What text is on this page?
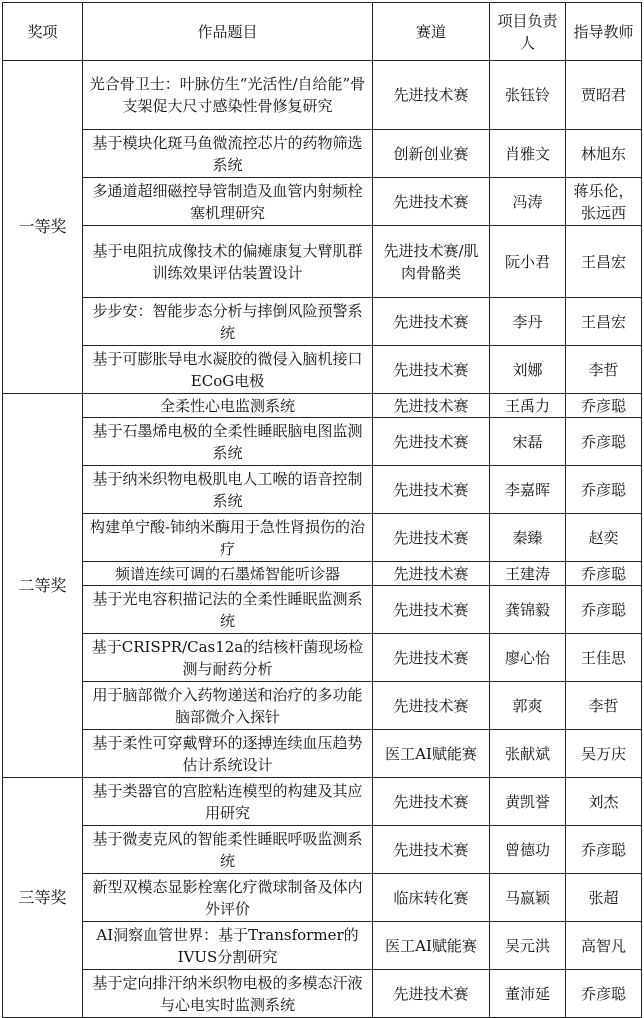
奖项	作品题目	赛道	项目负责人	指导教师
一等奖	光合骨卫士：叶脉仿生“光活性/自给能”骨支架促大尺寸感染性骨修复研究	先进技术赛	张钰铃	贾昭君
	基于模块化斑马鱼微流控芯片的药物筛选系统	创新创业赛	肖雅文	林旭东
	多通道超细磁控导管制造及血管内射频栓塞机理研究	先进技术赛	冯涛	蒋乐伦，张远西
	基于电阻抗成像技术的偏瘫康复大臂肌群训练效果评估装置设计	先进技术赛/肌肉骨骼类	阮小君	王昌宏
	步步安：智能步态分析与摔倒风险预警系统	先进技术赛	李丹	王昌宏
	基于可膨胀导电水凝胶的微侵入脑机接口ECoG电极	先进技术赛	刘娜	李哲
二等奖	全柔性心电监测系统	先进技术赛	王禹力	乔彦聪
	基于石墨烯电极的全柔性睡眠脑电图监测系统	先进技术赛	宋磊	乔彦聪
	基于纳米织物电极肌电人工喉的语音控制系统	先进技术赛	李嘉晖	乔彦聪
	构建单宁酸-铈纳米酶用于急性肾损伤的治疗	先进技术赛	秦臻	赵奕
	频谱连续可调的石墨烯智能听诊器	先进技术赛	王建涛	乔彦聪
	基于光电容积描记法的全柔性睡眠监测系统	先进技术赛	龚锦毅	乔彦聪
	基于CRISPR/Cas12a的结核杆菌现场检测与耐药分析	先进技术赛	廖心怡	王佳思
	用于脑部微介入药物递送和治疗的多功能脑部微介入探针	先进技术赛	郭爽	李哲
	基于柔性可穿戴臂环的逐搏连续血压趋势估计系统设计	医工AI赋能赛	张献斌	吴万庆
三等奖	基于类器官的宫腔粘连模型的构建及其应用研究	先进技术赛	黄凯誉	刘杰
	基于微麦克风的智能柔性睡眠呼吸监测系统	先进技术赛	曾德功	乔彦聪
	新型双模态显影栓塞化疗微球制备及体内外评价	临床转化赛	马嬴颖	张超
	AI洞察血管世界：基于Transformer的IVUS分割研究	医工AI赋能赛	吴元洪	高智凡
	基于定向排汗纳米织物电极的多模态汗液与心电实时监测系统	先进技术赛	董沛延	乔彦聪
